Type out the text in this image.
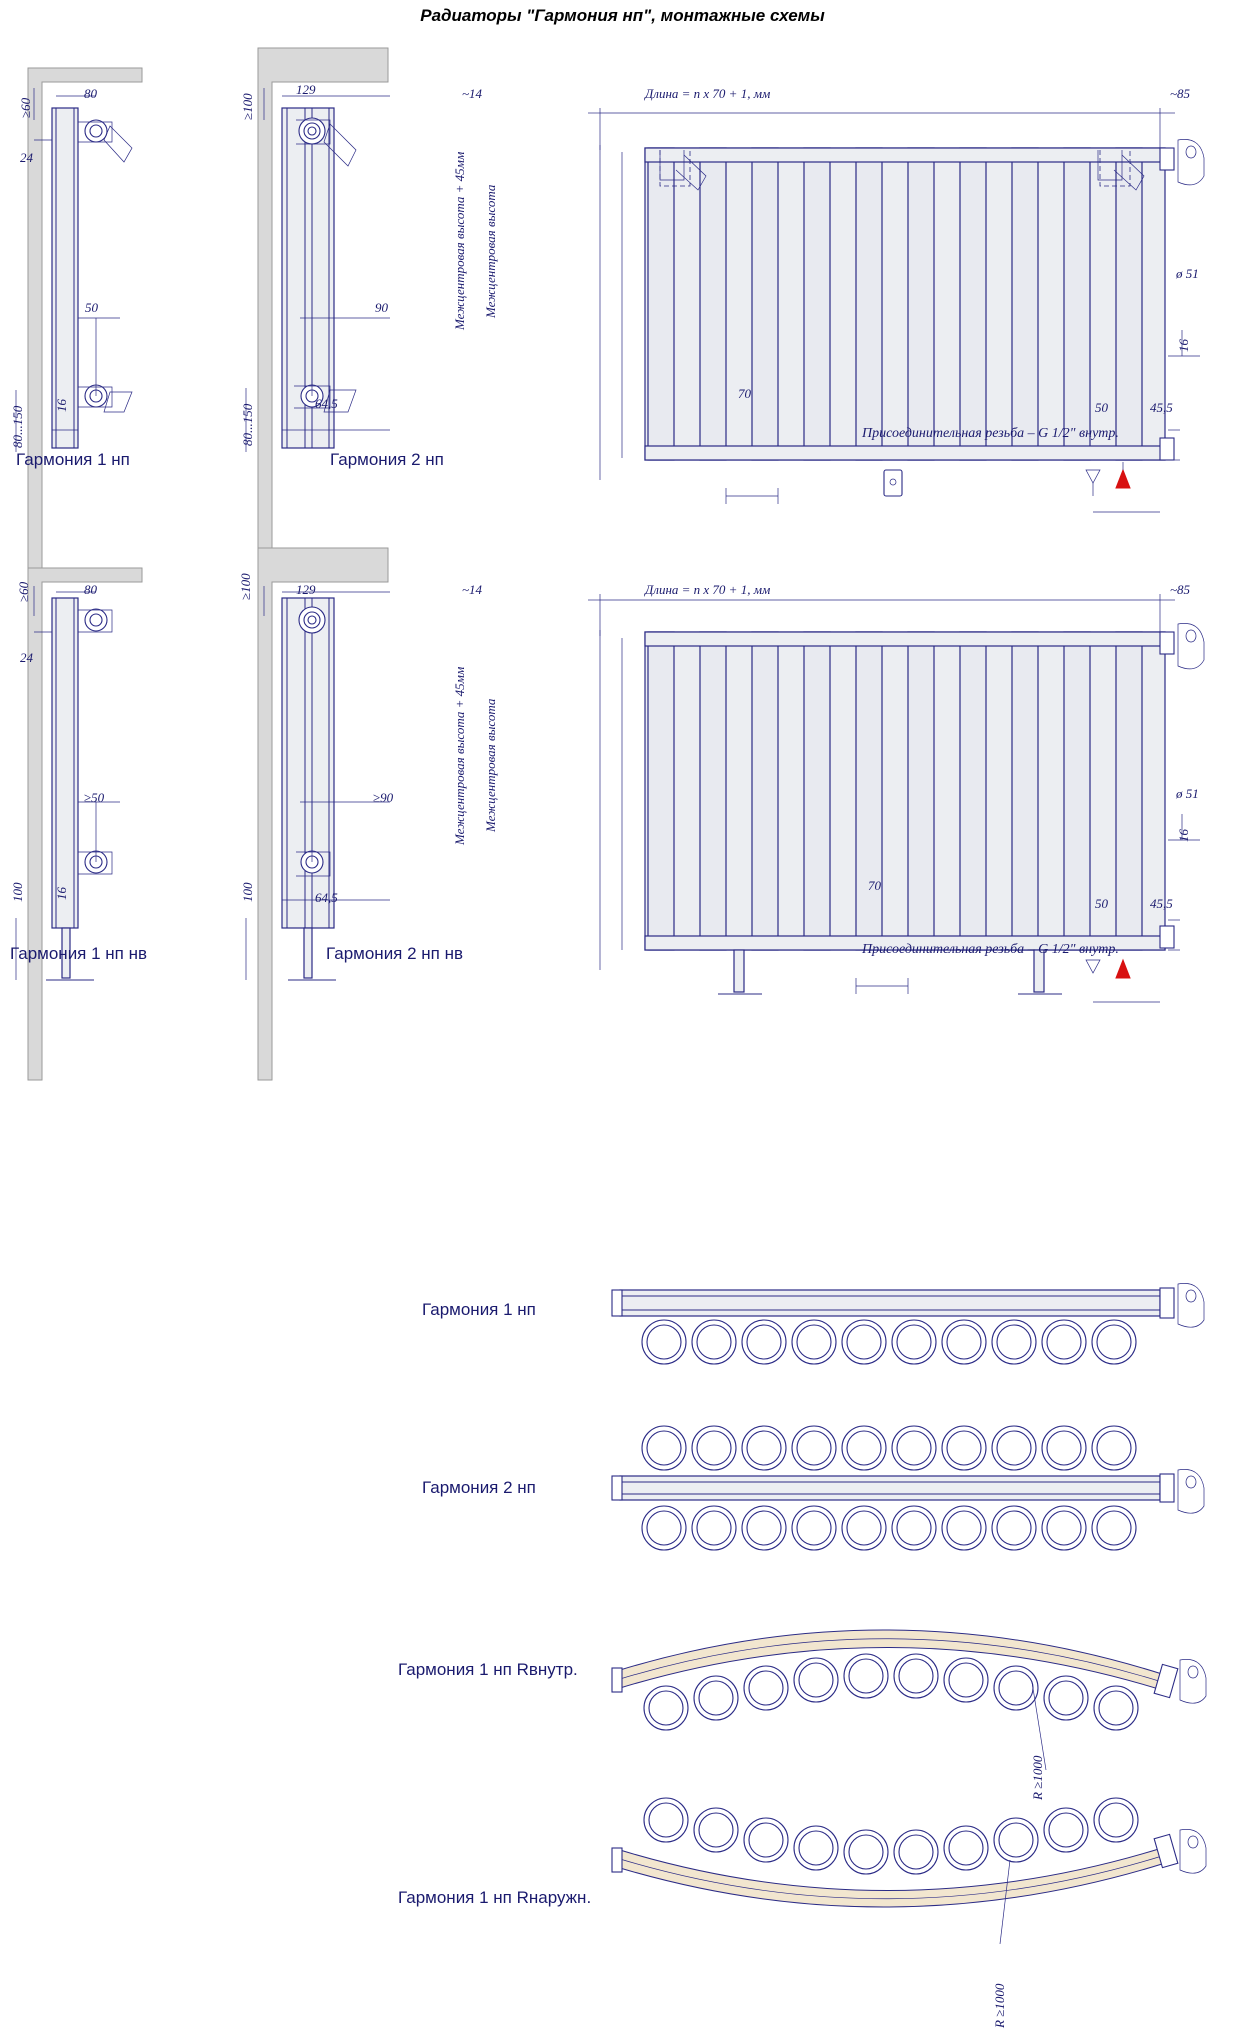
Радиаторы "Гармония нп", монтажные схемы
≥60
80
24
50
16
80...150
≥100
129
90
64,5
80...150
~14	Длина = n x 70 + 1, мм	~85
Межцентровая высота + 45мм Межцентровая высота	ø 51
16
70
50	45,5
Гармония 1 нп	Гармония 2 нп
Присоединительная резьба – G 1/2" внутр.
≥60	80
24
≥50
16
100
≥100	129
≥90
64,5
100
~14	Длина = n x 70 + 1, мм	~85
Межцентровая высота + 45мм Межцентровая высота	ø 51
16
70
50	45,5
Гармония 1 нп нв	Гармония 2 нп нв	Присоединительная резьба – G 1/2" внутр.
Гармония 1 нп
Гармония 2 нп
Гармония 1 нп Rвнутр.
Гармония 1 нп Rнаружн.
R ≥1000
R ≥1000
